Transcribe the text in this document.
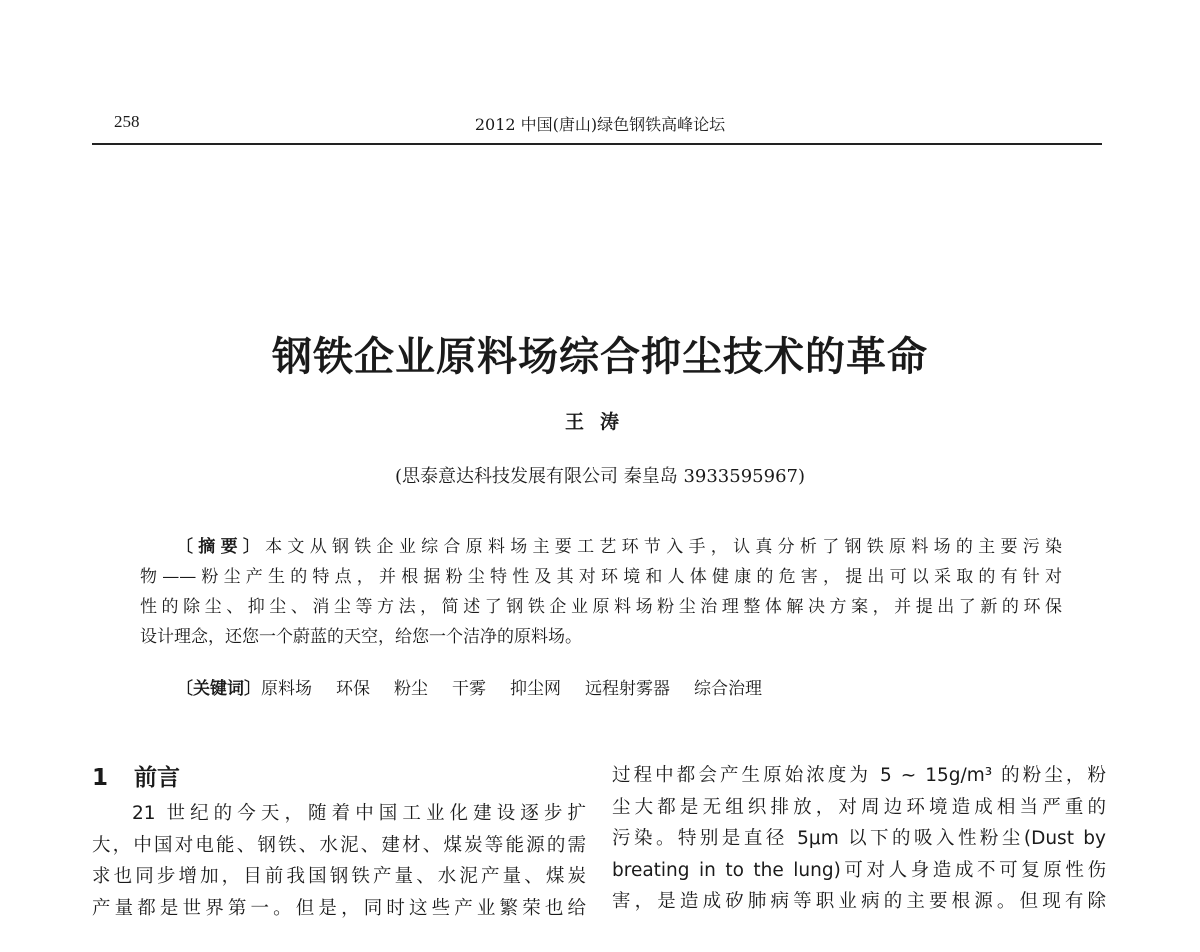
258	2012 中国(唐山)绿色钢铁高峰论坛
钢铁企业原料场综合抑尘技术的革命
王涛
(思泰意达科技发展有限公司 秦皇岛 3933595967)
〔摘要〕本文从钢铁企业综合原料场主要工艺环节入手，认真分析了钢铁原料场的主要污染
物——粉尘产生的特点，并根据粉尘特性及其对环境和人体健康的危害，提出可以采取的有针对
性的除尘、抑尘、消尘等方法，简述了钢铁企业原料场粉尘治理整体解决方案，并提出了新的环保
设计理念，还您一个蔚蓝的天空，给您一个洁净的原料场。
〔关键词〕原料场 环保 粉尘 干雾 抑尘网 远程射雾器 综合治理
1 前言
21 世纪的今天，随着中国工业化建设逐步扩
大，中国对电能、钢铁、水泥、建材、煤炭等能源的需
求也同步增加，目前我国钢铁产量、水泥产量、煤炭
产量都是世界第一。但是，同时这些产业繁荣也给
过程中都会产生原始浓度为 5 ~ 15g/m³ 的粉尘，粉
尘大都是无组织排放，对周边环境造成相当严重的
污染。特别是直径 5μm 以下的吸入性粉尘(Dust by
breating in to the lung)可对人身造成不可复原性伤
害，是造成矽肺病等职业病的主要根源。但现有除
